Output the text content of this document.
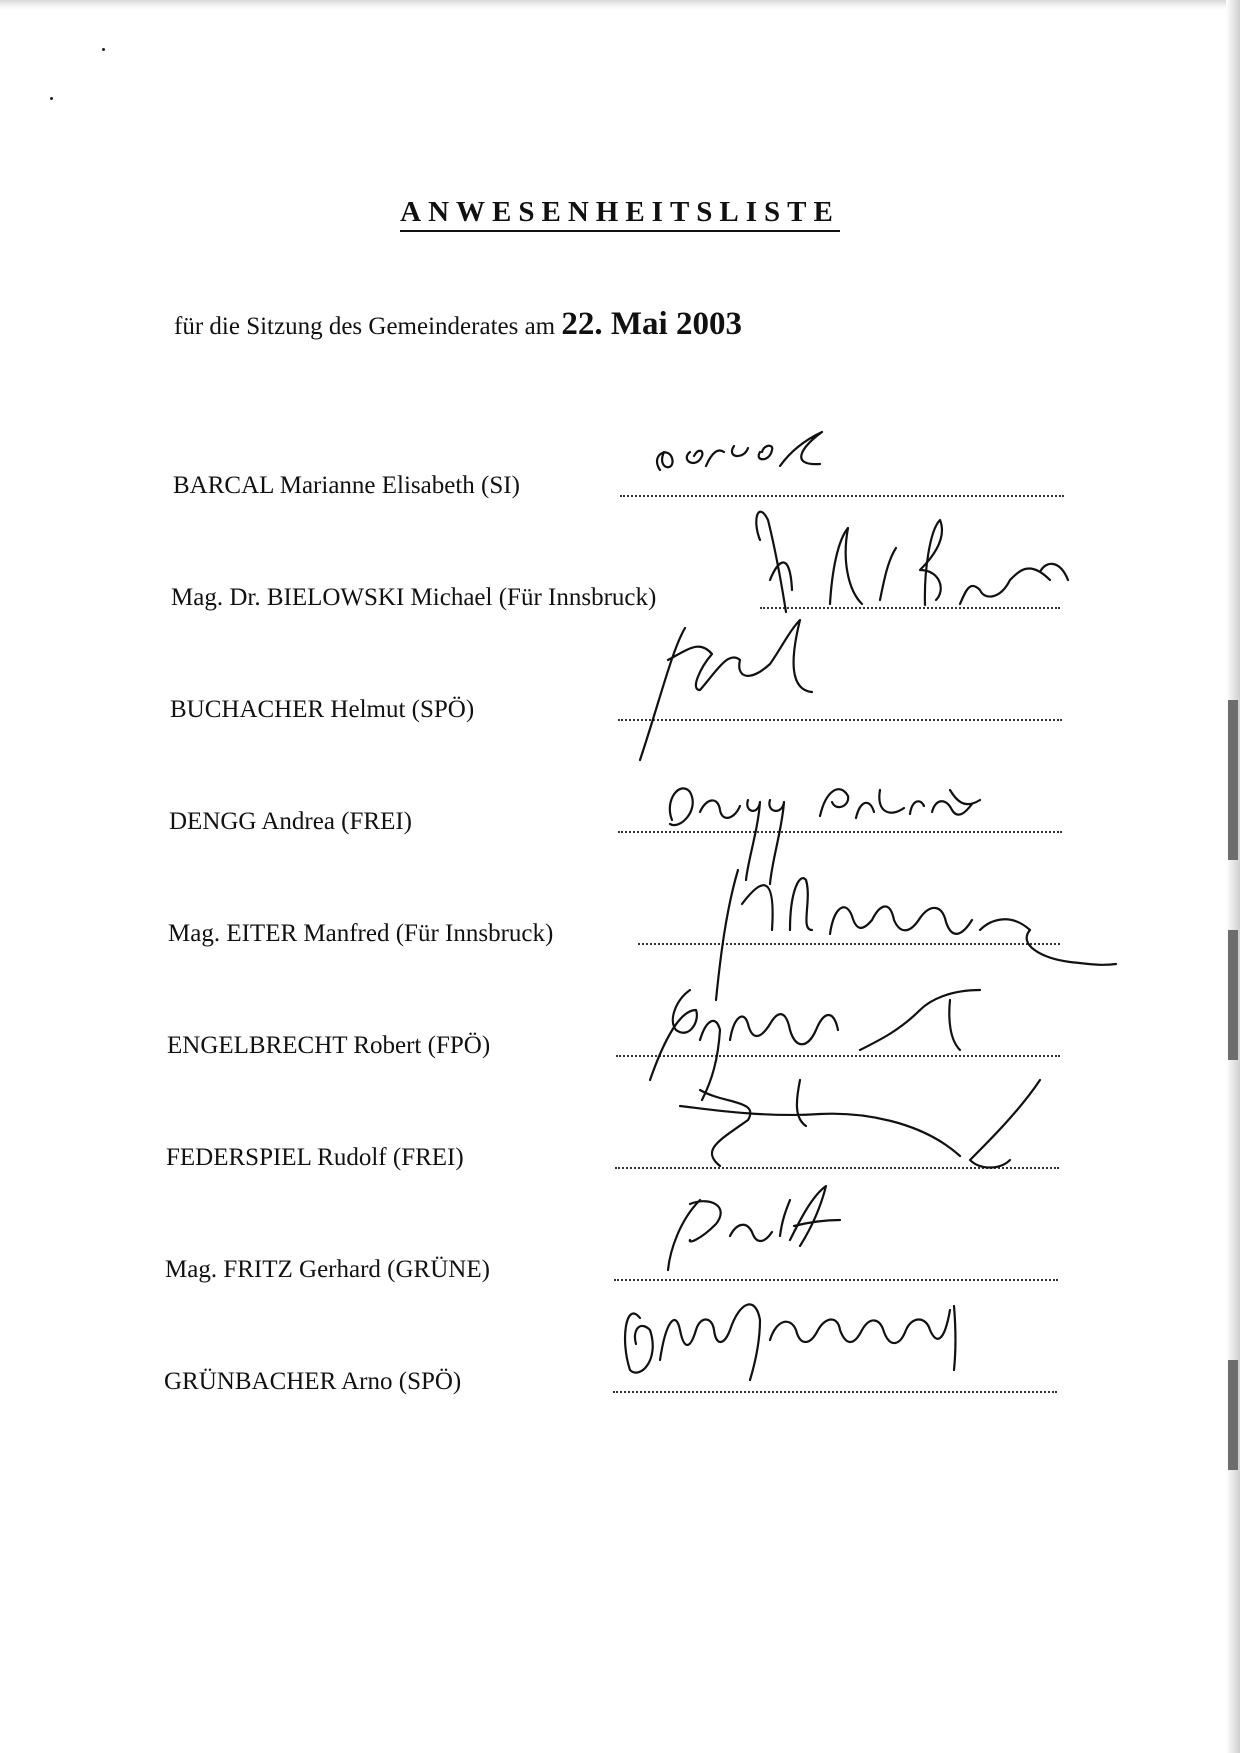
ANWESENHEITSLISTE
für die Sitzung des Gemeinderates am 22. Mai 2003
BARCAL Marianne Elisabeth (SI)
Mag. Dr. BIELOWSKI Michael (Für Innsbruck)
BUCHACHER Helmut (SPÖ)
DENGG Andrea (FREI)
Mag. EITER Manfred (Für Innsbruck)
ENGELBRECHT Robert (FPÖ)
FEDERSPIEL Rudolf (FREI)
Mag. FRITZ Gerhard (GRÜNE)
GRÜNBACHER Arno (SPÖ)
